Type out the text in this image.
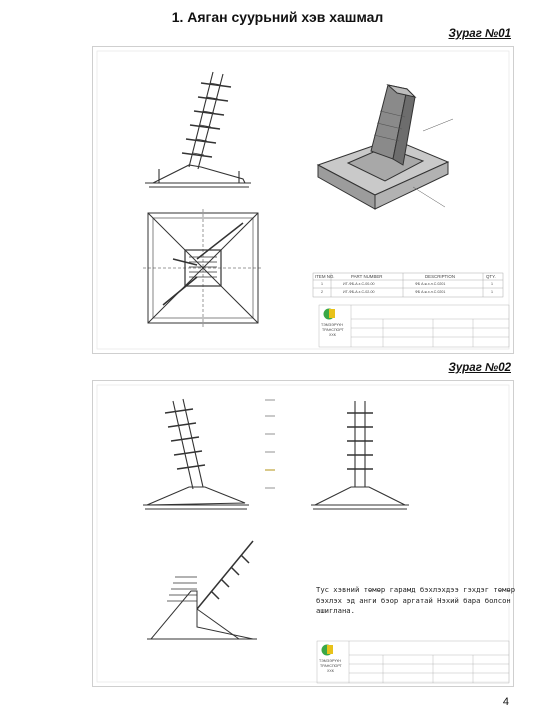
1. Аяган суурьний хэв хашмал
Зураг №01
ITEM NO.	PART NUMBER	DESCRIPTION	QTY.
1	ИТ-ФБ-А.х.С-00-00	ФБ А.ж.х.л.С.0201	1
2	ИТ-ФБ-А.х.С-02-00	ФБ А.ж.х.л.С.0201	1
ТЭМЭЭРҮҮН
ТРАНСПОРТ
ХХК
Зураг №02
ТЭМЭЭРҮҮН
ТРАНСПОРТ
ХХК
Тус хэвний төмөр гарамд бэхлэхдээ гэхдэг төмөр бэхлэх эд анги бэор аргатай Нэхий бара болсон ашиглана.
4
